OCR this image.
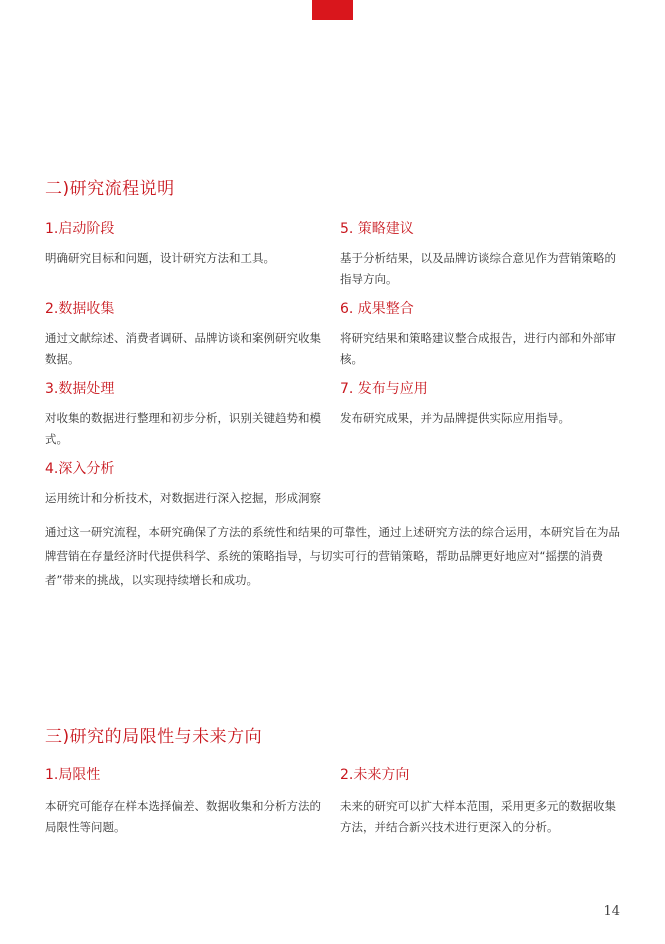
二)研究流程说明
1.启动阶段

明确研究目标和问题，设计研究方法和工具。

2.数据收集

通过文献综述、消费者调研、品牌访谈和案例研究收集数据。

3.数据处理

对收集的数据进行整理和初步分析，识别关键趋势和模式。

4.深入分析

运用统计和分析技术，对数据进行深入挖掘，形成洞察

5. 策略建议

基于分析结果，以及品牌访谈综合意见作为营销策略的指导方向。

6. 成果整合

将研究结果和策略建议整合成报告，进行内部和外部审核。

7. 发布与应用

发布研究成果，并为品牌提供实际应用指导。

通过这一研究流程，本研究确保了方法的系统性和结果的可靠性，通过上述研究方法的综合运用，本研究旨在为品牌营销在存量经济时代提供科学、系统的策略指导，与切实可行的营销策略，帮助品牌更好地应对“摇摆的消费者”带来的挑战，以实现持续增长和成功。

三)研究的局限性与未来方向
1.局限性

本研究可能存在样本选择偏差、数据收集和分析方法的局限性等问题。

2.未来方向

未来的研究可以扩大样本范围，采用更多元的数据收集方法，并结合新兴技术进行更深入的分析。

14
